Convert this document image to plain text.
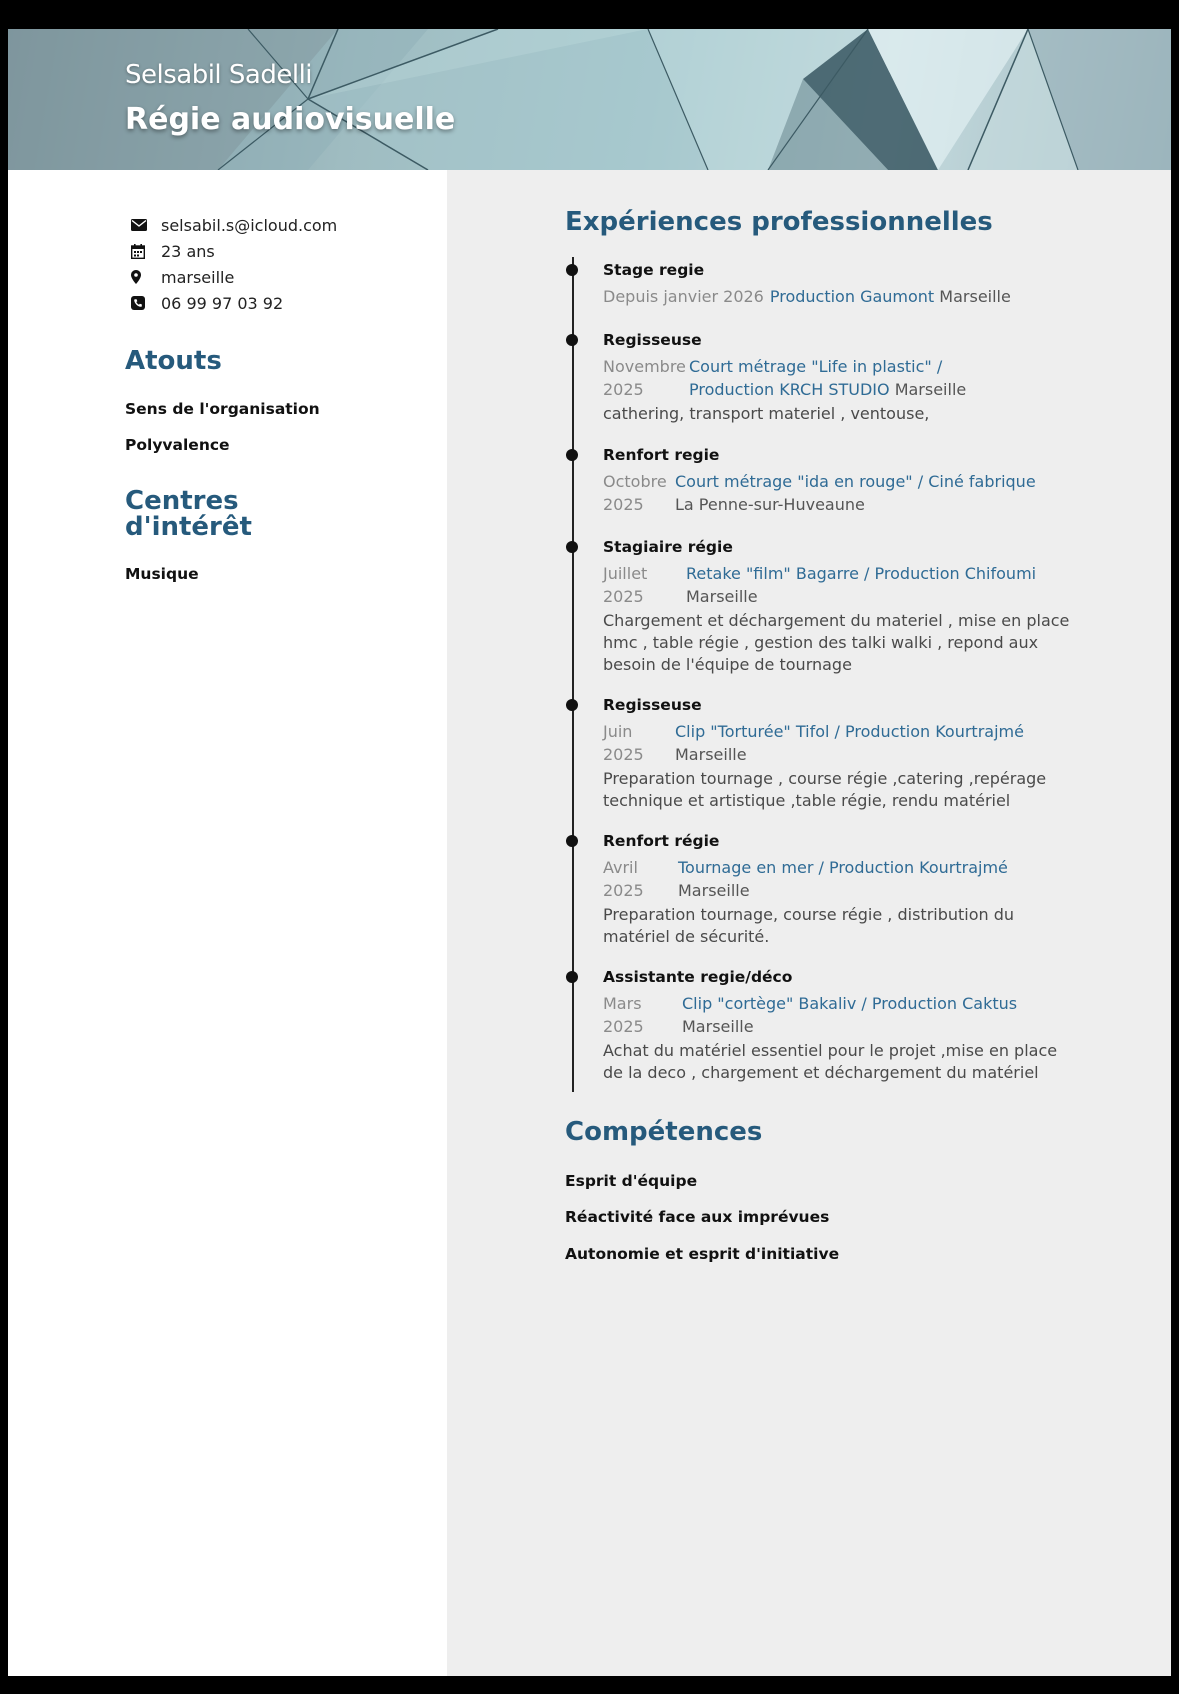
Selsabil Sadelli
Régie audiovisuelle
selsabil.s@icloud.com
23 ans
marseille
06 99 97 03 92
Atouts
Sens de l'organisation
Polyvalence
Centres
d'intérêt
Musique
Expériences professionnelles
Stage regie
Depuis janvier 2026 Production Gaumont Marseille
Regisseuse
Novembre 2025
Court métrage "Life in plastic" / Production KRCH STUDIO Marseille
cathering, transport materiel , ventouse,
Renfort regie
Octobre 2025
Court métrage "ida en rouge" / Ciné fabrique La Penne-sur-Huveaune
Stagiaire régie
Juillet 2025
Retake "film" Bagarre / Production Chifoumi Marseille
Chargement et déchargement du materiel , mise en place hmc , table régie , gestion des talki walki , repond aux besoin de l'équipe de tournage
Regisseuse
Juin 2025
Clip "Torturée" Tifol / Production Kourtrajmé Marseille
Preparation tournage , course régie ,catering ,repérage technique et artistique ,table régie, rendu matériel
Renfort régie
Avril 2025
Tournage en mer / Production Kourtrajmé Marseille
Preparation tournage, course régie , distribution du matériel de sécurité.
Assistante regie/déco
Mars 2025
Clip "cortège" Bakaliv / Production Caktus Marseille
Achat du matériel essentiel pour le projet ,mise en place de la deco , chargement et déchargement du matériel
Compétences
Esprit d'équipe
Réactivité face aux imprévues
Autonomie et esprit d'initiative
